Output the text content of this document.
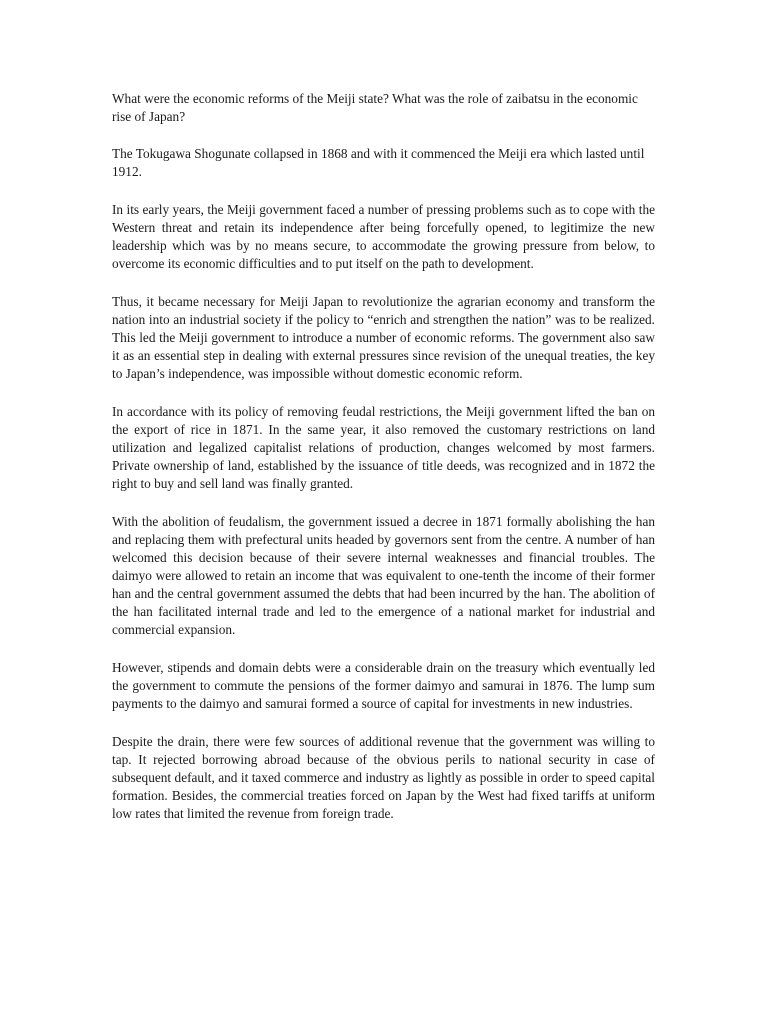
What were the economic reforms of the Meiji state? What was the role of zaibatsu in the economic rise of Japan?

The Tokugawa Shogunate collapsed in 1868 and with it commenced the Meiji era which lasted until 1912.

In its early years, the Meiji government faced a number of pressing problems such as to cope with the Western threat and retain its independence after being forcefully opened, to legitimize the new leadership which was by no means secure, to accommodate the growing pressure from below, to overcome its economic difficulties and to put itself on the path to development.

Thus, it became necessary for Meiji Japan to revolutionize the agrarian economy and transform the nation into an industrial society if the policy to “enrich and strengthen the nation” was to be realized. This led the Meiji government to introduce a number of economic reforms. The government also saw it as an essential step in dealing with external pressures since revision of the unequal treaties, the key to Japan’s independence, was impossible without domestic economic reform.

In accordance with its policy of removing feudal restrictions, the Meiji government lifted the ban on the export of rice in 1871. In the same year, it also removed the customary restrictions on land utilization and legalized capitalist relations of production, changes welcomed by most farmers. Private ownership of land, established by the issuance of title deeds, was recognized and in 1872 the right to buy and sell land was finally granted.

With the abolition of feudalism, the government issued a decree in 1871 formally abolishing the han and replacing them with prefectural units headed by governors sent from the centre. A number of han welcomed this decision because of their severe internal weaknesses and financial troubles. The daimyo were allowed to retain an income that was equivalent to one-tenth the income of their former han and the central government assumed the debts that had been incurred by the han. The abolition of the han facilitated internal trade and led to the emergence of a national market for industrial and commercial expansion.

However, stipends and domain debts were a considerable drain on the treasury which eventually led the government to commute the pensions of the former daimyo and samurai in 1876. The lump sum payments to the daimyo and samurai formed a source of capital for investments in new industries.

Despite the drain, there were few sources of additional revenue that the government was willing to tap. It rejected borrowing abroad because of the obvious perils to national security in case of subsequent default, and it taxed commerce and industry as lightly as possible in order to speed capital formation. Besides, the commercial treaties forced on Japan by the West had fixed tariffs at uniform low rates that limited the revenue from foreign trade.
